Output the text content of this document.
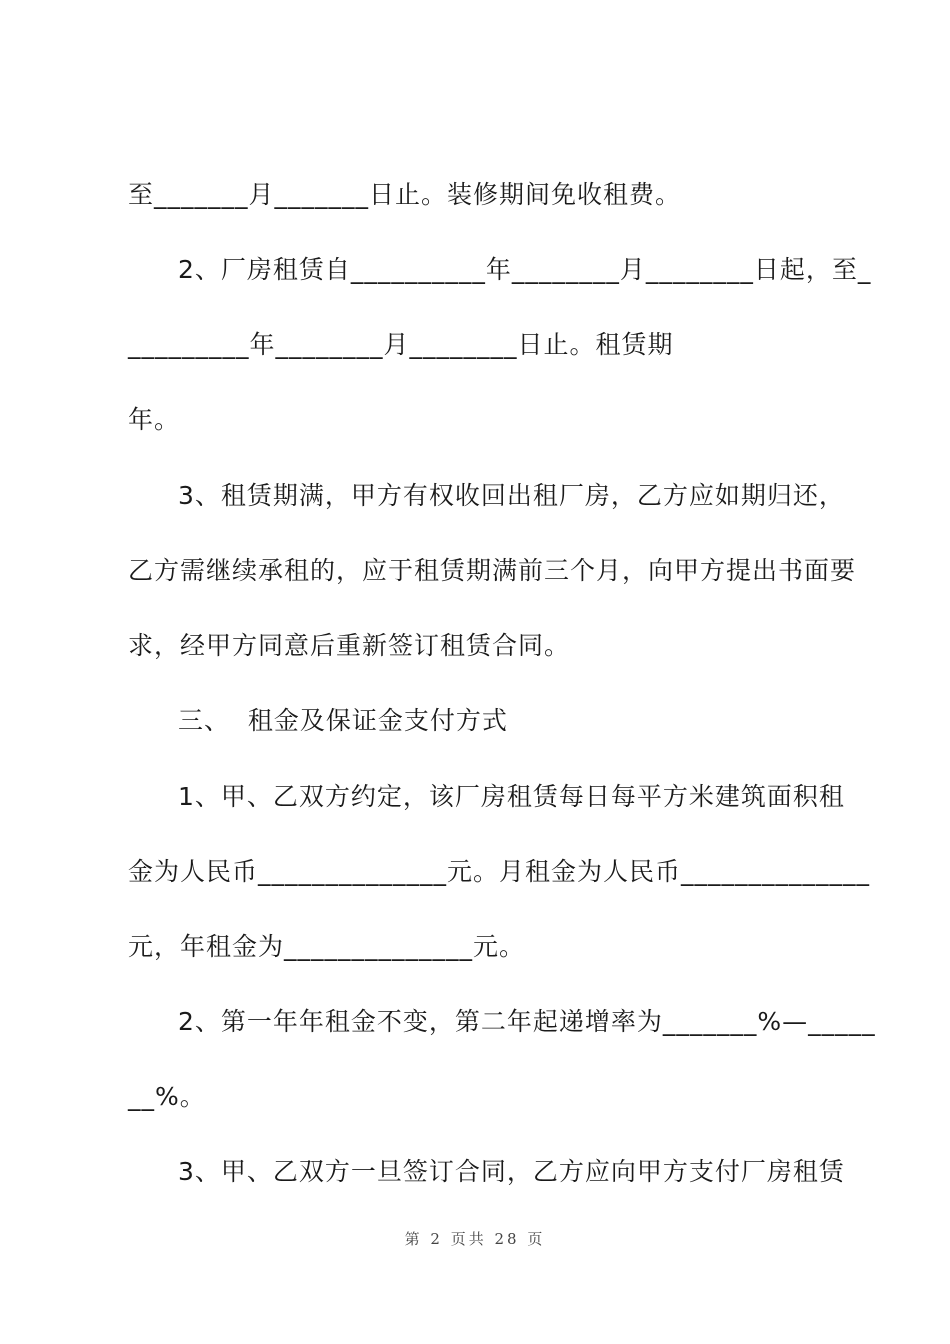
至_______月_______日止。装修期间免收租费。

2、厂房租赁自__________年________月________日起，至_

_________年________月________日止。租赁期

年。

3、租赁期满，甲方有权收回出租厂房，乙方应如期归还，

乙方需继续承租的，应于租赁期满前三个月，向甲方提出书面要

求，经甲方同意后重新签订租赁合同。

三、  租金及保证金支付方式

1、甲、乙双方约定，该厂房租赁每日每平方米建筑面积租

金为人民币______________元。月租金为人民币______________

元，年租金为______________元。

2、第一年年租金不变，第二年起递增率为_______%—_____

__%。

3、甲、乙双方一旦签订合同，乙方应向甲方支付厂房租赁

第 2 页共 28 页
